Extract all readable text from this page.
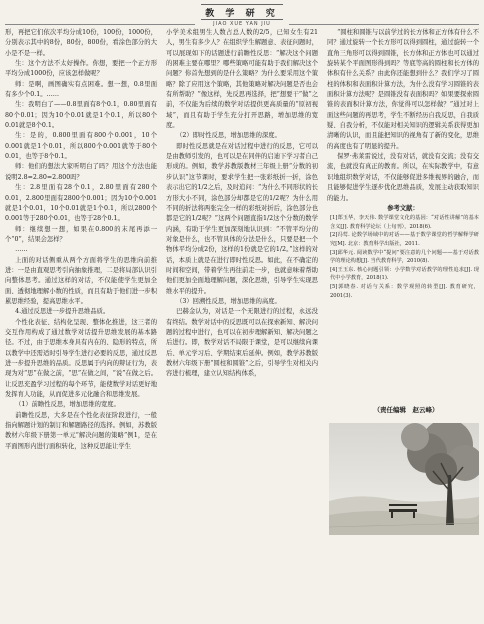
教 学 研 究
JIAO XUE YAN JIU

形，再把它们依次平均分成10份，100份，1000份，分别表示其中的8份，80份，800份，看涂色部分的大小是不是一样。

生：这个方法不太好操作。你想，要把一个正方形平均分成1000份，应该怎样做呢？

师：是啊，画图确实有点困难。想一想，0.8里面有多少个0.1。……

生：我明白了——0.8里面有8个0.1，0.80里面有80个0.01；因为10个0.01就是1个0.1，所以80个0.01就是8个0.1。

生：是的，0.800里面有800个0.001，10个0.001就是1个0.01，所以800个0.001就等于80个0.01，也等于8个0.1。

师：他们的想法大家听明白了吗？用这个方法也能说明2.8=2.80=2.800吗？

生：2.8里面有28个0.1，2.80里面有280个0.01，2.800里面有2800个0.001；因为10个0.001就是1个0.01，10个0.01就是1个0.1，所以2800个0.001等于280个0.01，也等于28个0.1。

师：继续想一想，如果在0.800的末尾再添一个“0”，结果会怎样？

……

上面的对话侧重从两个方面将学生的思维向前推进：一是由直观思考引向抽象推理，二是将局部认识引向整体思考。通过这样的对话，不仅能使学生更加全面、透彻地理解小数的性质，而且有助于他们进一步积累思维经验，提高思维水平。

4.通过反思进一步提升思维品质。

个性化表征、结构化呈现、整体化推进，这三者的交互作用构成了通过数学对话提升思维发展的基本路径。不过，由于思维本身具有内在的、隐形的特点，所以教学中还需适时引导学生进行必要的反思，通过反思进一步提升思维的品质。反思属于内向的辩证行为，表现为对“思”在做之前，“思”在做之间，“说”在做之后。让反思充盈学习过程的每个环节，能使数学对话更好地发挥育人功能，从而促进多元化融合和思维发展。

（1）前瞻性反思，增加思维的宽度。

前瞻性反思，大多是在个性化表征阶段进行，一般指向解题计划的制订和解题路径的选择。例如，苏教版教材六年级下册第一单元“解决问题的策略”例1，是在平面图形内进行面积转化，这种反思能让学生

小学美术组男生人数占总人数的2/5，已知女生有21人，男生有多少人？在组织学生解题意、表征问题时，可以展现如下的话题进行前瞻性反思：“解决这个问题的困难主要在哪里？哪些策略可能有助于我们解决这个问题？你首先想到的是什么策略？为什么要采用这个策略？除了应用这个策略，其他策略对解决问题是否也会有所帮助？”像这样，先反思再选择，把“想要干”做”之前，不仅能为后续的数学对话提供更高质量的“原初视域”，而且有助于学生充分打开思路，增加思维的宽度。

（2）即时性反思，增加思维的深度。

即时性反思就是在对话过程中进行的反思，它可以是由教师引发的，也可以是在同伴的启迪下学习者自己形成的。例如，教学苏教版教材三年级上册“分数的初步认识”这节课时，要求学生把一张彩纸折一折，涂色表示出它的1/2之后，及时追问：“为什么不同形状的长方形大小不同，涂色部分却都是它的1/2呢？为什么用不同的折法将两张完全一样的彩纸对折后，涂色部分也都是它的1/2呢？”这两个问题直指1/2这个分数的数学内涵，有助于学生更加深刻地认识到：“不管平均分的对象是什么，也不管具体的分法是什么，只要是把一个物体平均分成2份，这样的1份就是它的1/2。”这样的对话，本质上就是在进行即时性反思。如此，在不确定的时间和空间，带着学生再往前走一步，也就意味着帮助他们更加全面地理解问题，深化思维，引导学生实现思维水平的提升。

（3）回溯性反思，增加思维的高度。

巴赫金认为，对话是一个无限进行的过程，永远没有终结。数学对话中的反思既可以在探索新知、解决问题的过程中进行，也可以在初步理解新知、解决问题之后进行。即，数学对话不局限于课堂，是可以继续向课后、单元学习后、学期结束后延伸。例如，教学苏教版教材六年级下册“圆柱和圆锥”之后，引导学生对相关内容进行梳理，建立认知结构体系，

“圆柱和圆锥与以前学过的长方体和正方体有什么不同？通过旋转一个长方形可以得到圆柱，通过旋转一个直角三角形可以得到圆锥，长方体和正方体也可以通过旋转某个平面图形得到吗？等底等高的圆柱和长方体的体积有什么关系？由此你还能想到什么？我们学习了圆柱的体积和表面积计算方法，为什么没有学习圆锥的表面积计算方法呢？是圆锥没有表面积吗？如果要探索圆锥的表面积计算方法，你觉得可以怎样做？”通过对上面这些问题的再思考，学生不断经历自我反思，自我质疑、自我分析，不仅能对相关知识的逻辑关系获得更加清晰的认识，而且能把知识的视角有了新的变化，思维的高度也有了明显的提升。

保罗·弗莱雷说过，没有对话，就没有交流；没有交流，也就没有真正的教育。所以，在实际教学中，有意识地组织数学对话，不仅能够促进多维视界的融合，而且能够促进学生逐步优化思维品质，发展主动获取知识的能力。

参考文献：

[1]郑玉华，李天伟. 数学课堂文化的基因：“对话性讲解”的基本含义[J]. 教育科学论坛（上旬刊），2018(6).

[2]冯莺. 论数学场域中的对话——基于数学课堂的哲学解释学研究[M]. 北京：教育科学出版社，2011.

[3]邱华元. 阅读数学中“提问”要注意的几个问题——基于对话教学的理论构想[J]. 当代教育科学，2010(8).

[4]王玉东. 核心问题引领：小学数学对话教学的理性追求[J]. 现代中小学教育，2018(1).

[5]郭晓春. 对话与关系：数学观照的转型[J]. 教育研究，2001(3).

（责任编辑　赵云峰）
